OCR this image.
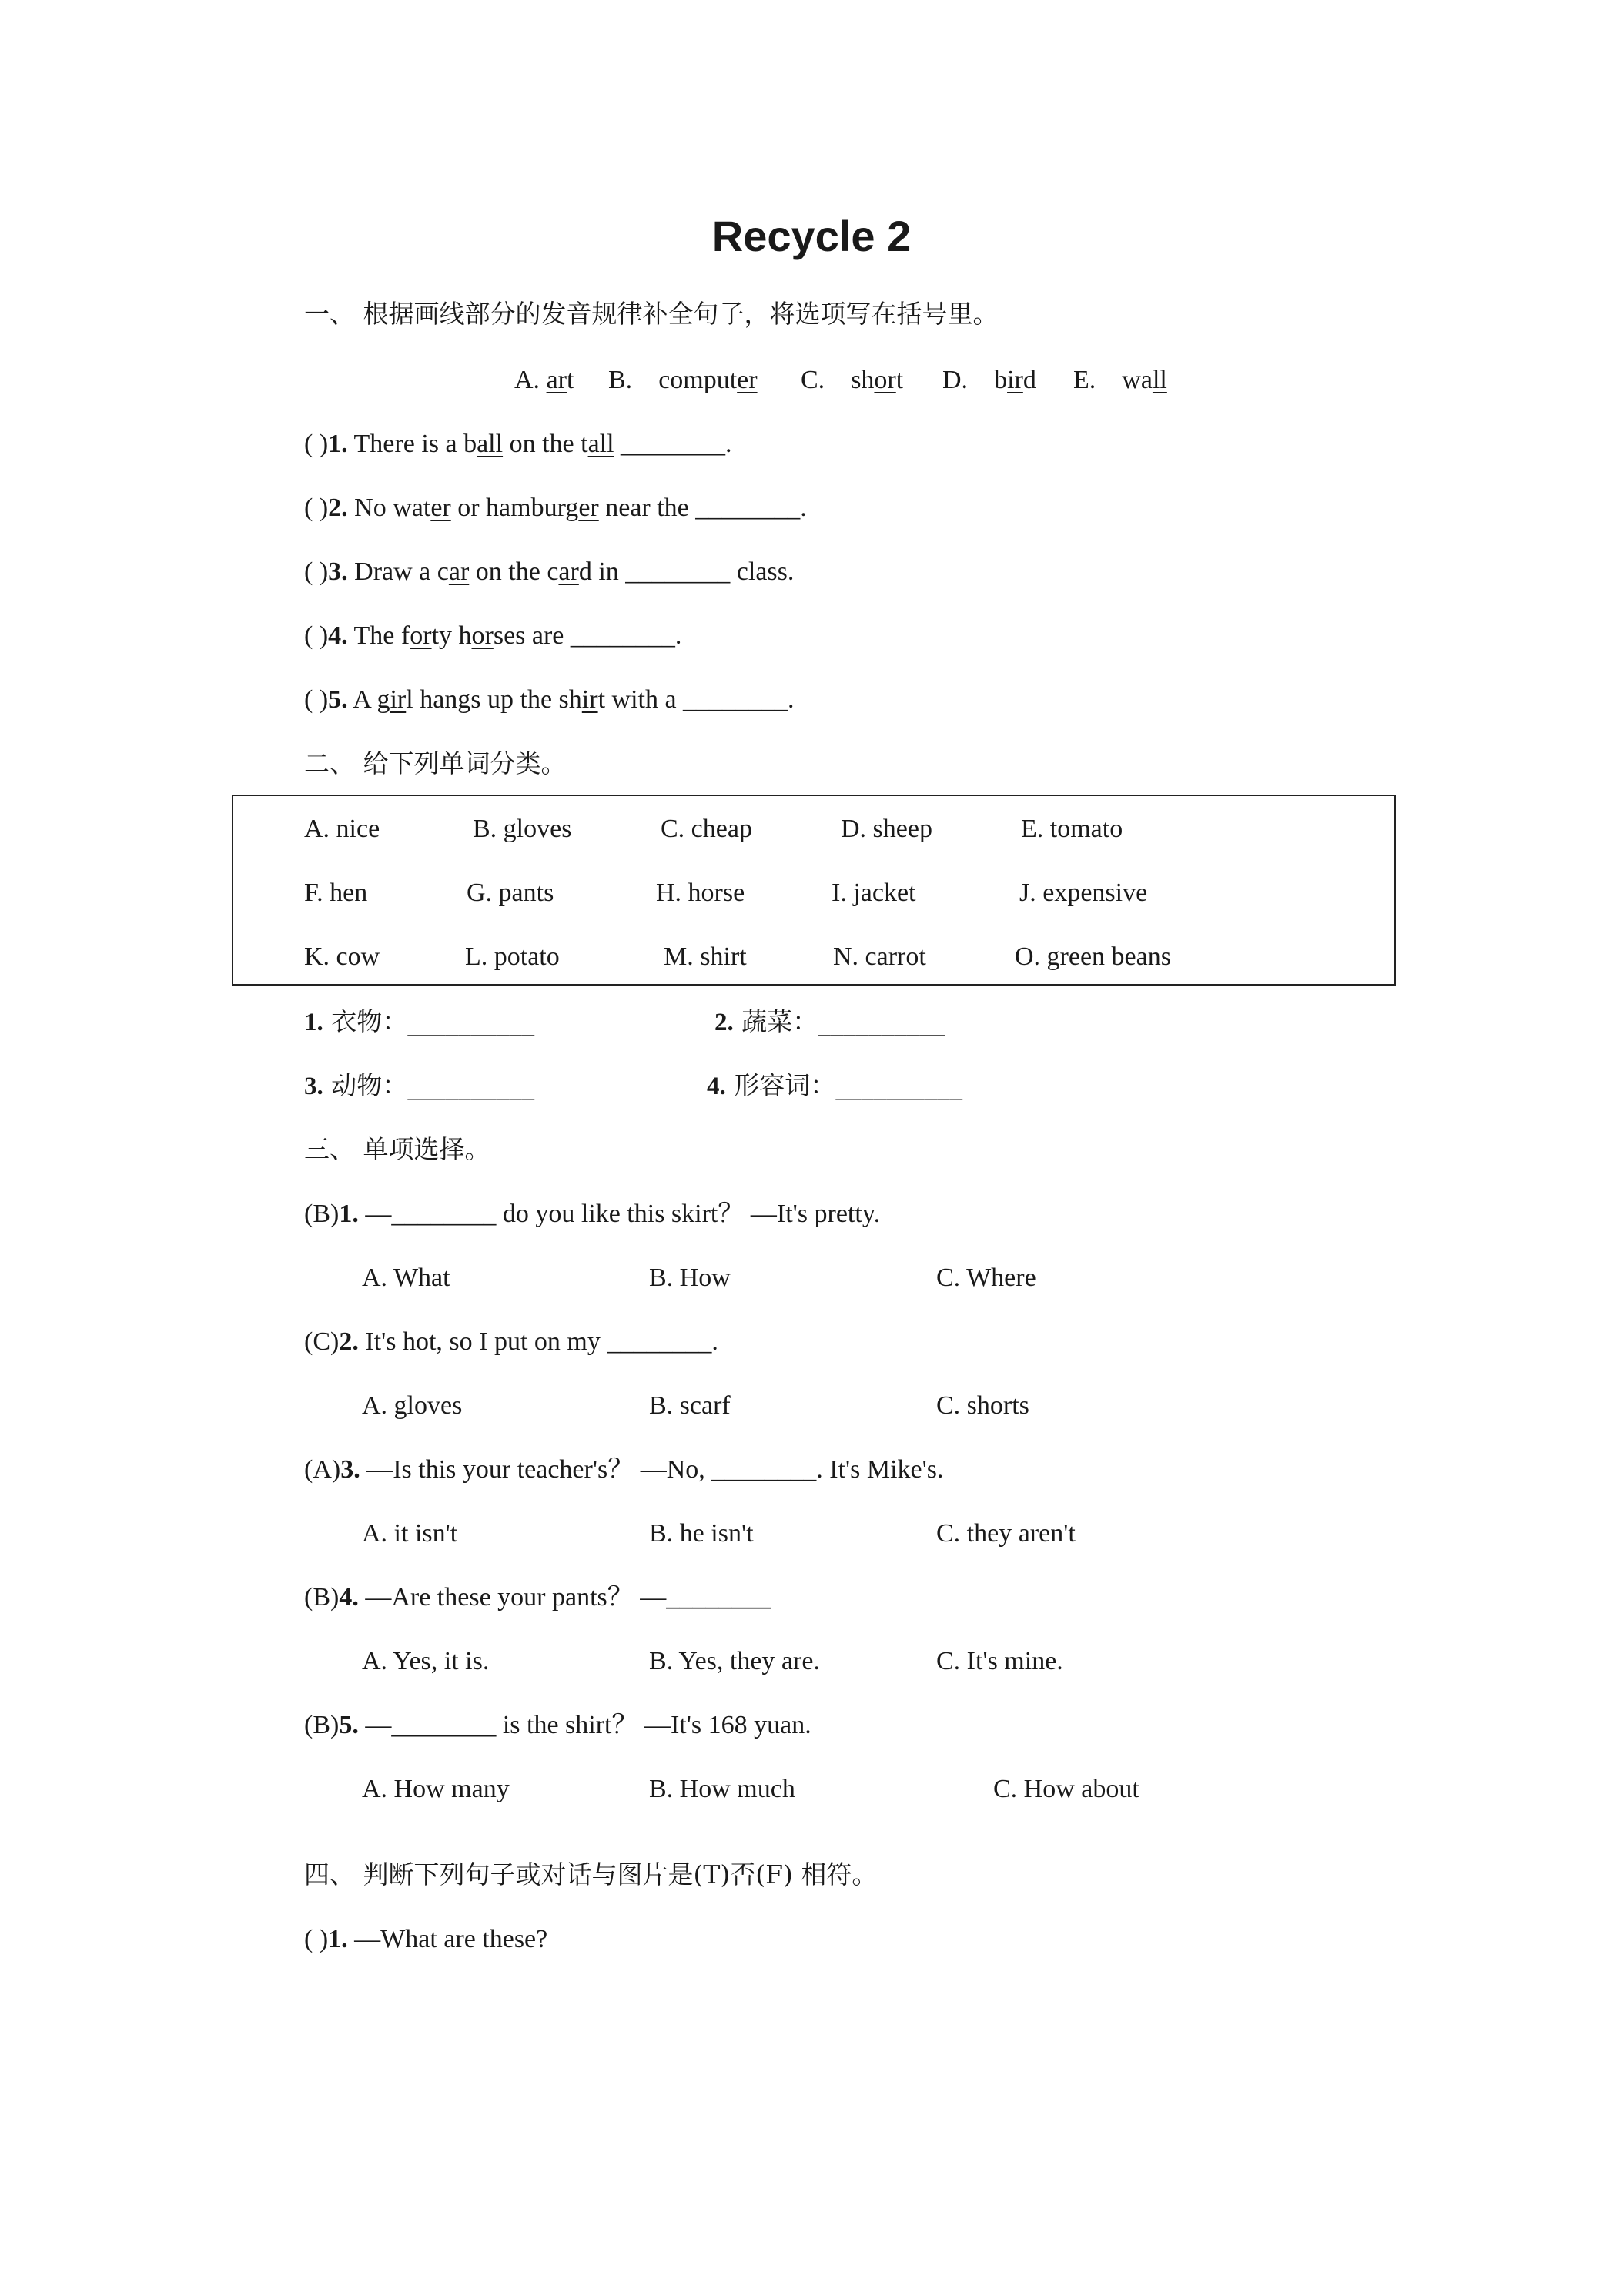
Recycle 2
一、 根据画线部分的发音规律补全句子，将选项写在括号里。
A. art B. computer C. short D. bird E. wall
( )1. There is a ball on the tall ________.
( )2. No water or hamburger near the ________.
( )3. Draw a car on the card in ________ class.
( )4. The forty horses are ________.
( )5. A girl hangs up the shirt with a ________.
二、 给下列单词分类。
A. nice	B. gloves	C. cheap	D. sheep	E. tomato
F. hen	G. pants	H. horse	I. jacket	J. expensive
K. cow	L. potato	M. shirt	N. carrot	O. green beans
1. 衣物：__________	2. 蔬菜：__________
3. 动物：__________	4. 形容词：__________
三、 单项选择。
(B)1. —________ do you like this skirt？ —It's pretty.
A. What	B. How	C. Where
(C)2. It's hot, so I put on my ________.
A. gloves	B. scarf	C. shorts
(A)3. —Is this your teacher's？ —No, ________. It's Mike's.
A. it isn't	B. he isn't	C. they aren't
(B)4. —Are these your pants？ —________
A. Yes, it is.	B. Yes, they are.	C. It's mine.
(B)5. —________ is the shirt？ —It's 168 yuan.
A. How many	B. How much	C. How about
四、 判断下列句子或对话与图片是(T)否(F) 相符。
( )1. —What are these?
